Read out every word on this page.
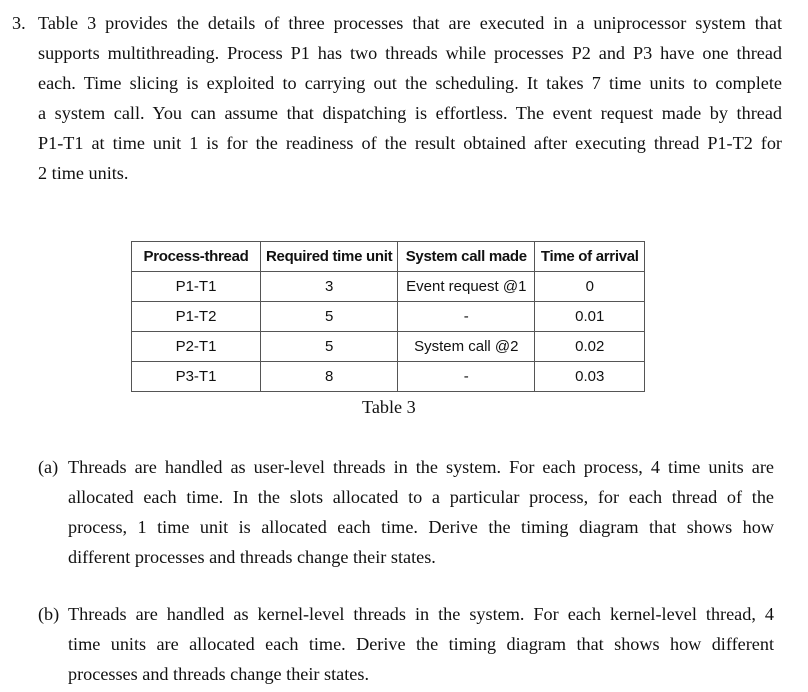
3. Table 3 provides the details of three processes that are executed in a uniprocessor system that
supports multithreading. Process P1 has two threads while processes P2 and P3 have one thread
each. Time slicing is exploited to carrying out the scheduling. It takes 7 time units to complete
a system call. You can assume that dispatching is effortless. The event request made by thread
P1-T1 at time unit 1 is for the readiness of the result obtained after executing thread P1-T2 for
2 time units.
Process-thread	Required time unit	System call made	Time of arrival
P1-T1	3	Event request @1	0
P1-T2	5	-	0.01
P2-T1	5	System call @2	0.02
P3-T1	8	-	0.03
Table 3
(a) Threads are handled as user-level threads in the system. For each process, 4 time units are
allocated each time. In the slots allocated to a particular process, for each thread of the
process, 1 time unit is allocated each time. Derive the timing diagram that shows how
different processes and threads change their states.
(b) Threads are handled as kernel-level threads in the system. For each kernel-level thread, 4
time units are allocated each time. Derive the timing diagram that shows how different
processes and threads change their states.
